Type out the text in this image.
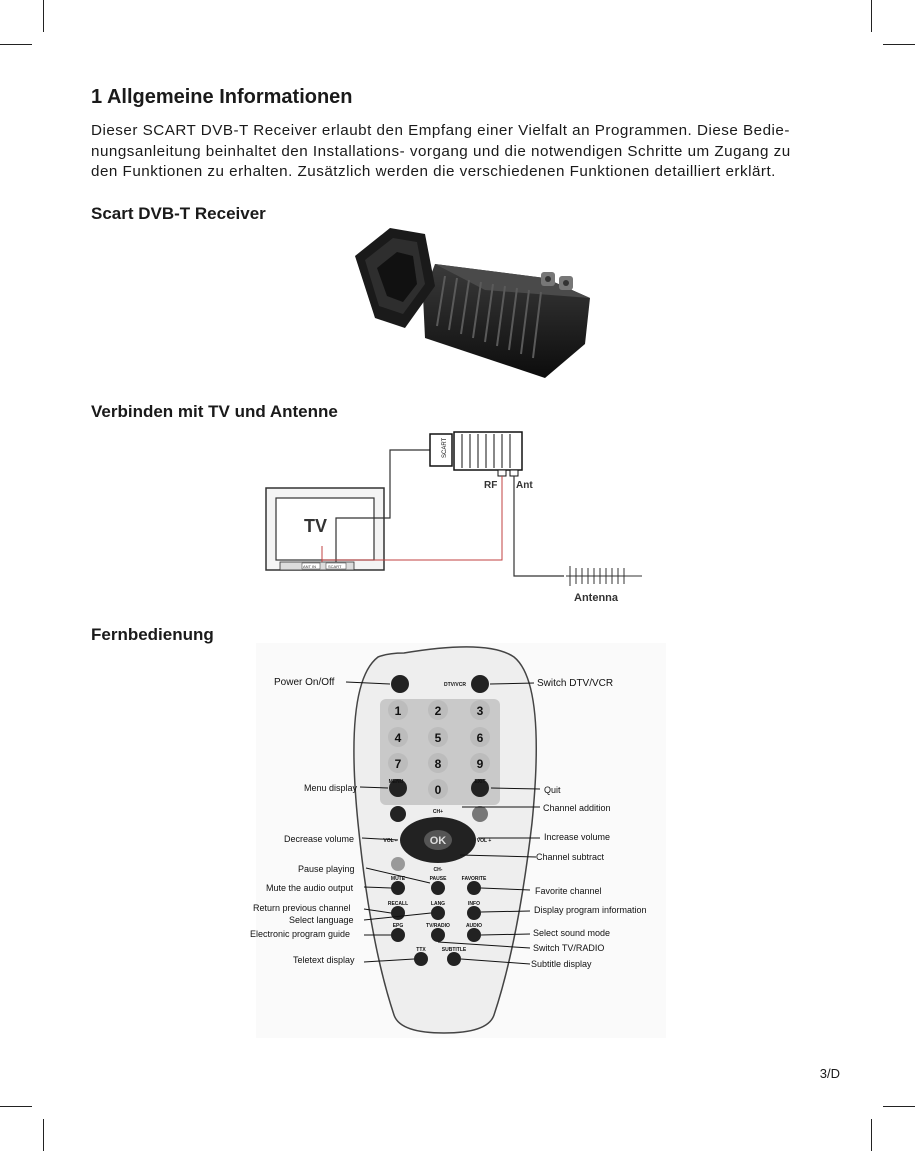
1 Allgemeine Informationen
Dieser SCART DVB-T Receiver erlaubt den Empfang einer Vielfalt an Programmen. Diese Bedie-
nungsanleitung beinhaltet den Installations- vorgang und die notwendigen Schritte um Zugang zu
den Funktionen zu erhalten. Zusätzlich werden die verschiedenen Funktionen detailliert erklärt.
Scart DVB-T Receiver
Verbinden mit TV und Antenne
TV
ANT IN	SCART
SCART
RF Ant
Antenna
Fernbedienung
1	2	3
4	5	6
7	8	9
0
DTV/VCR
MENU	EXIT
CH+
CH-
VOL -	VOL +
MUTE	PAUSE	FAVORITE
RECALL	LANG	INFO
EPG	TV/RADIO	AUDIO
TTX	SUBTITLE
OK
Power On/Off	Switch DTV/VCR
Menu display	Quit
Channel addition
Decrease volume	Increase volume
Channel subtract
Pause playing
Mute the audio output	Favorite channel
Return previous channel	Display program information
Select language
Electronic program guide	Select sound mode
Switch TV/RADIO
Teletext display	Subtitle display
3/D
